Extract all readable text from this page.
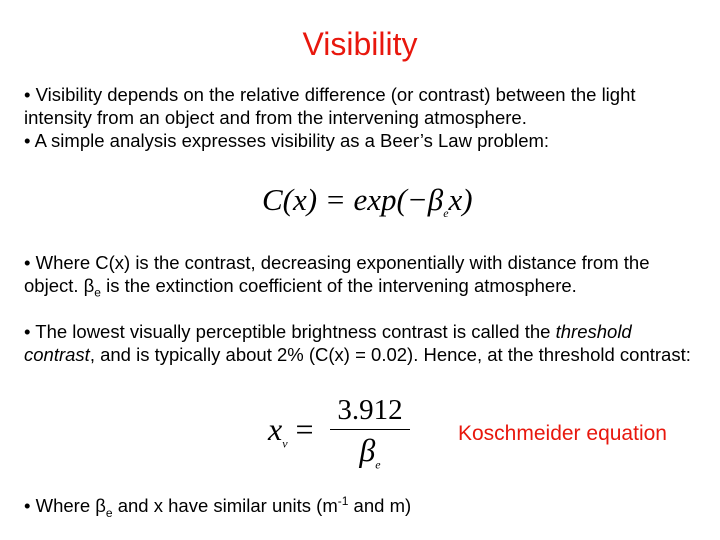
Visibility
• Visibility depends on the relative difference (or contrast) between the light intensity from an object and from the intervening atmosphere.
• A simple analysis expresses visibility as a Beer’s Law problem:
$C(x) = \exp(-\beta_ex)$
• Where C(x) is the contrast, decreasing exponentially with distance from the object. $\beta_e$ is the extinction coefficient of the intervening atmosphere.
• The lowest visually perceptible brightness contrast is called the threshold contrast, and is typically about 2% (C(x) = 0.02). Hence, at the threshold contrast:
$x_v$ =
3.912
$\beta_e$
Koschmeider equation
• Where $\beta_e$ and x have similar units ($m^{-1}$ and m)
